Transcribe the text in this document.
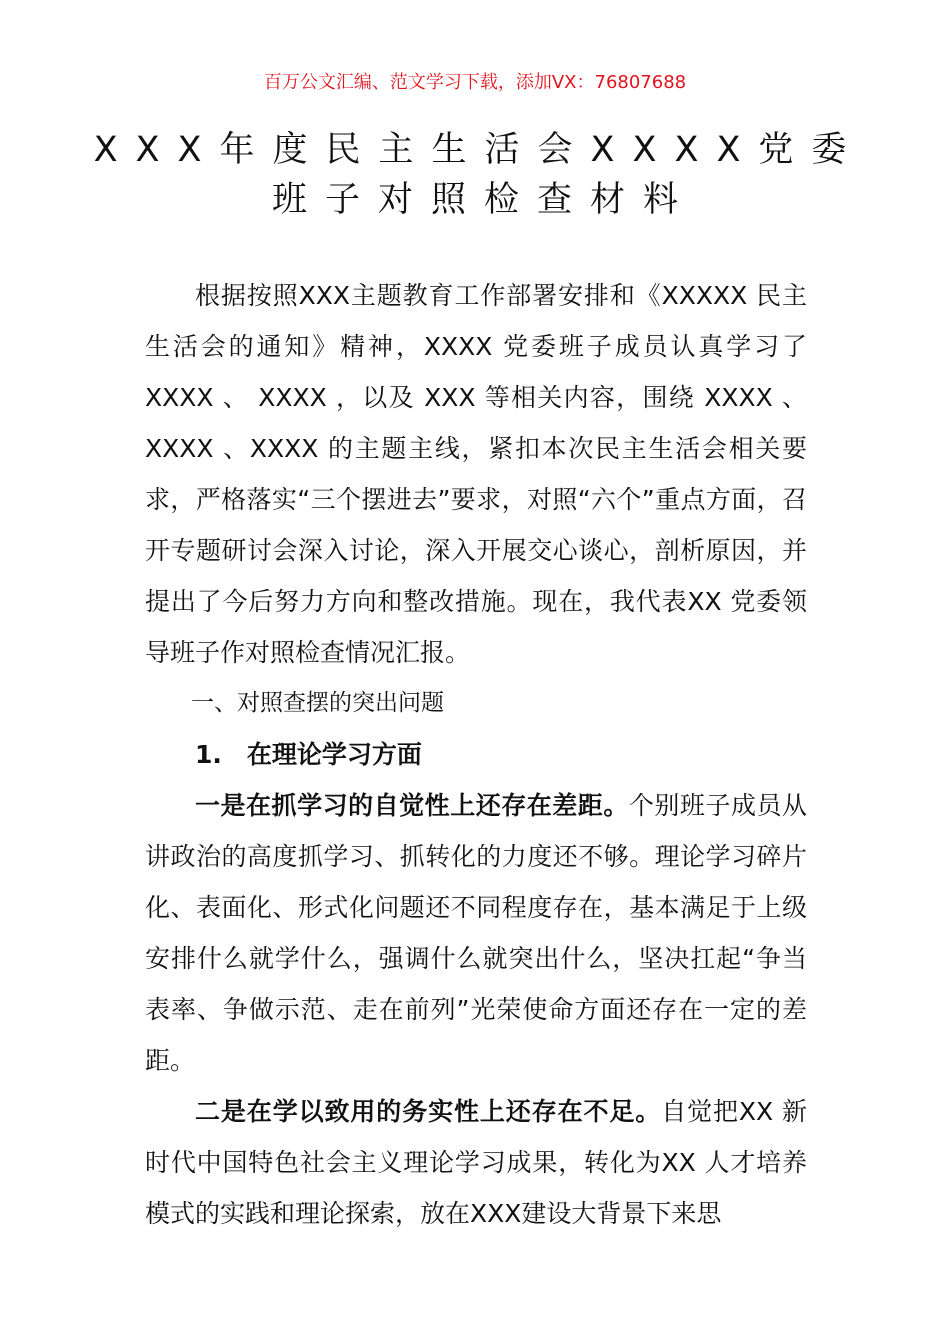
百万公文汇编、范文学习下载，添加VX：76807688
XXX年度民主生活会XXXX党委
班子对照检查材料

根据按照XXX主题教育工作部署安排和《XXXXX 民主生活会的通知》精神，XXXX 党委班子成员认真学习了 XXXX 、 XXXX ，以及 XXX 等相关内容，围绕 XXXX 、XXXX 、XXXX 的主题主线，紧扣本次民主生活会相关要求，严格落实“三个摆进去”要求，对照“六个”重点方面，召开专题研讨会深入讨论，深入开展交心谈心，剖析原因，并提出了今后努力方向和整改措施。现在，我代表XX 党委领导班子作对照检查情况汇报。

一、对照查摆的突出问题

1.　在理论学习方面

一是在抓学习的自觉性上还存在差距。个别班子成员从讲政治的高度抓学习、抓转化的力度还不够。理论学习碎片化、表面化、形式化问题还不同程度存在，基本满足于上级安排什么就学什么，强调什么就突出什么，坚决扛起“争当表率、争做示范、走在前列”光荣使命方面还存在一定的差距。

二是在学以致用的务实性上还存在不足。自觉把XX 新时代中国特色社会主义理论学习成果，转化为XX 人才培养模式的实践和理论探索，放在XXX建设大背景下来思
